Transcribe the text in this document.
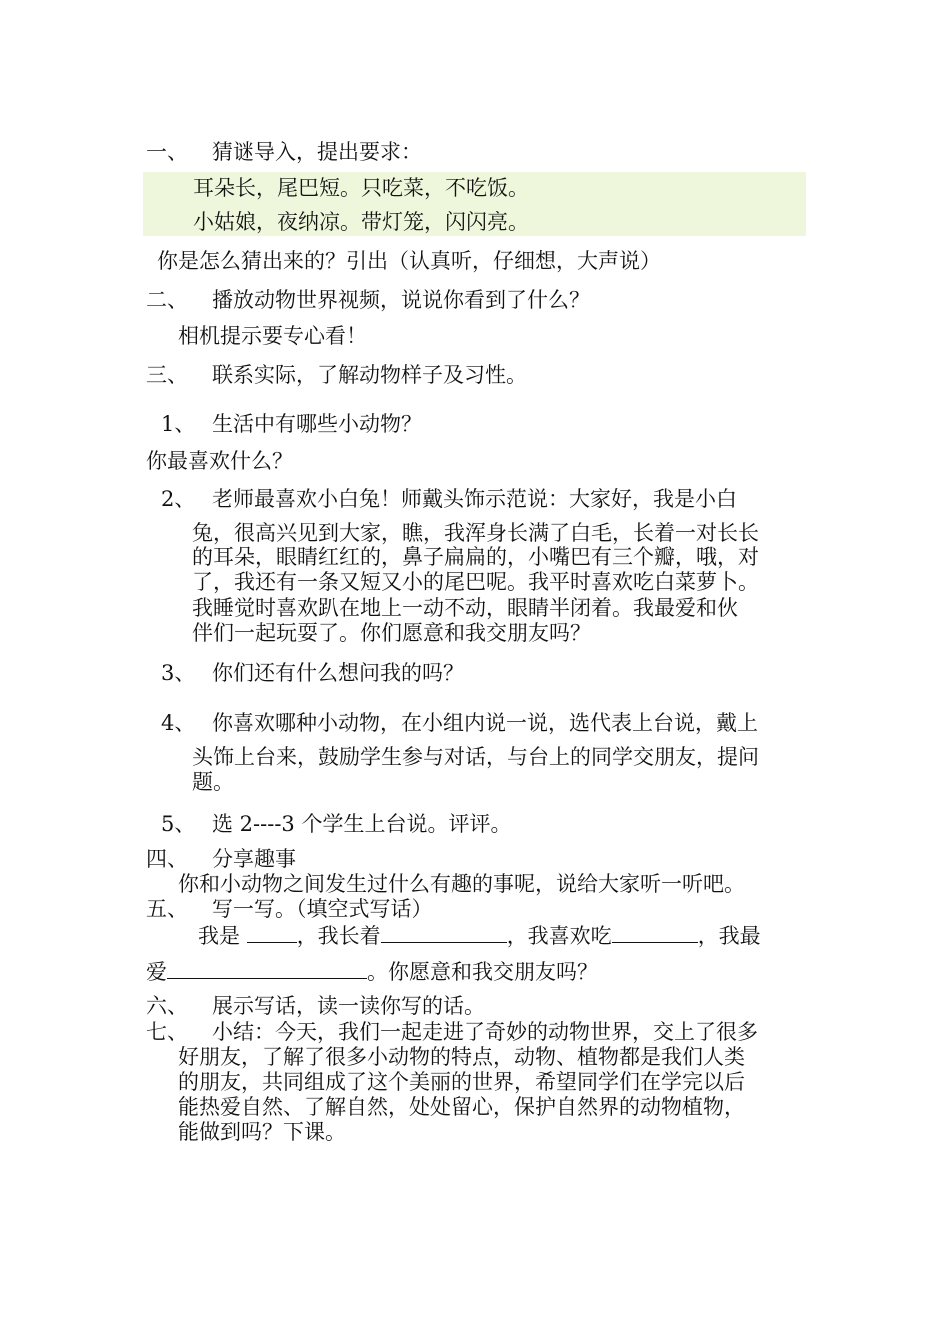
一、 猜谜导入，提出要求：
耳朵长，尾巴短。只吃菜，不吃饭。
小姑娘，夜纳凉。带灯笼，闪闪亮。
你是怎么猜出来的？引出（认真听，仔细想，大声说）
二、 播放动物世界视频，说说你看到了什么？
相机提示要专心看！
三、 联系实际，了解动物样子及习性。
1、 生活中有哪些小动物？
你最喜欢什么？
2、 老师最喜欢小白兔！师戴头饰示范说：大家好，我是小白
兔，很高兴见到大家，瞧，我浑身长满了白毛，长着一对长长
的耳朵，眼睛红红的，鼻子扁扁的，小嘴巴有三个瓣，哦，对
了，我还有一条又短又小的尾巴呢。我平时喜欢吃白菜萝卜。
我睡觉时喜欢趴在地上一动不动，眼睛半闭着。我最爱和伙
伴们一起玩耍了。你们愿意和我交朋友吗？
3、 你们还有什么想问我的吗？
4、 你喜欢哪种小动物，在小组内说一说，选代表上台说，戴上
头饰上台来，鼓励学生参与对话，与台上的同学交朋友，提问
题。
5、 选 2----3 个学生上台说。评评。
四、 分享趣事
你和小动物之间发生过什么有趣的事呢，说给大家听一听吧。
五、 写一写。（填空式写话）
我是	，我长着	，我喜欢吃	，我最
爱	。你愿意和我交朋友吗？
六、 展示写话，读一读你写的话。
七、 小结：今天，我们一起走进了奇妙的动物世界，交上了很多
好朋友，了解了很多小动物的特点，动物、植物都是我们人类
的朋友，共同组成了这个美丽的世界，希望同学们在学完以后
能热爱自然、了解自然，处处留心，保护自然界的动物植物，
能做到吗？下课。
